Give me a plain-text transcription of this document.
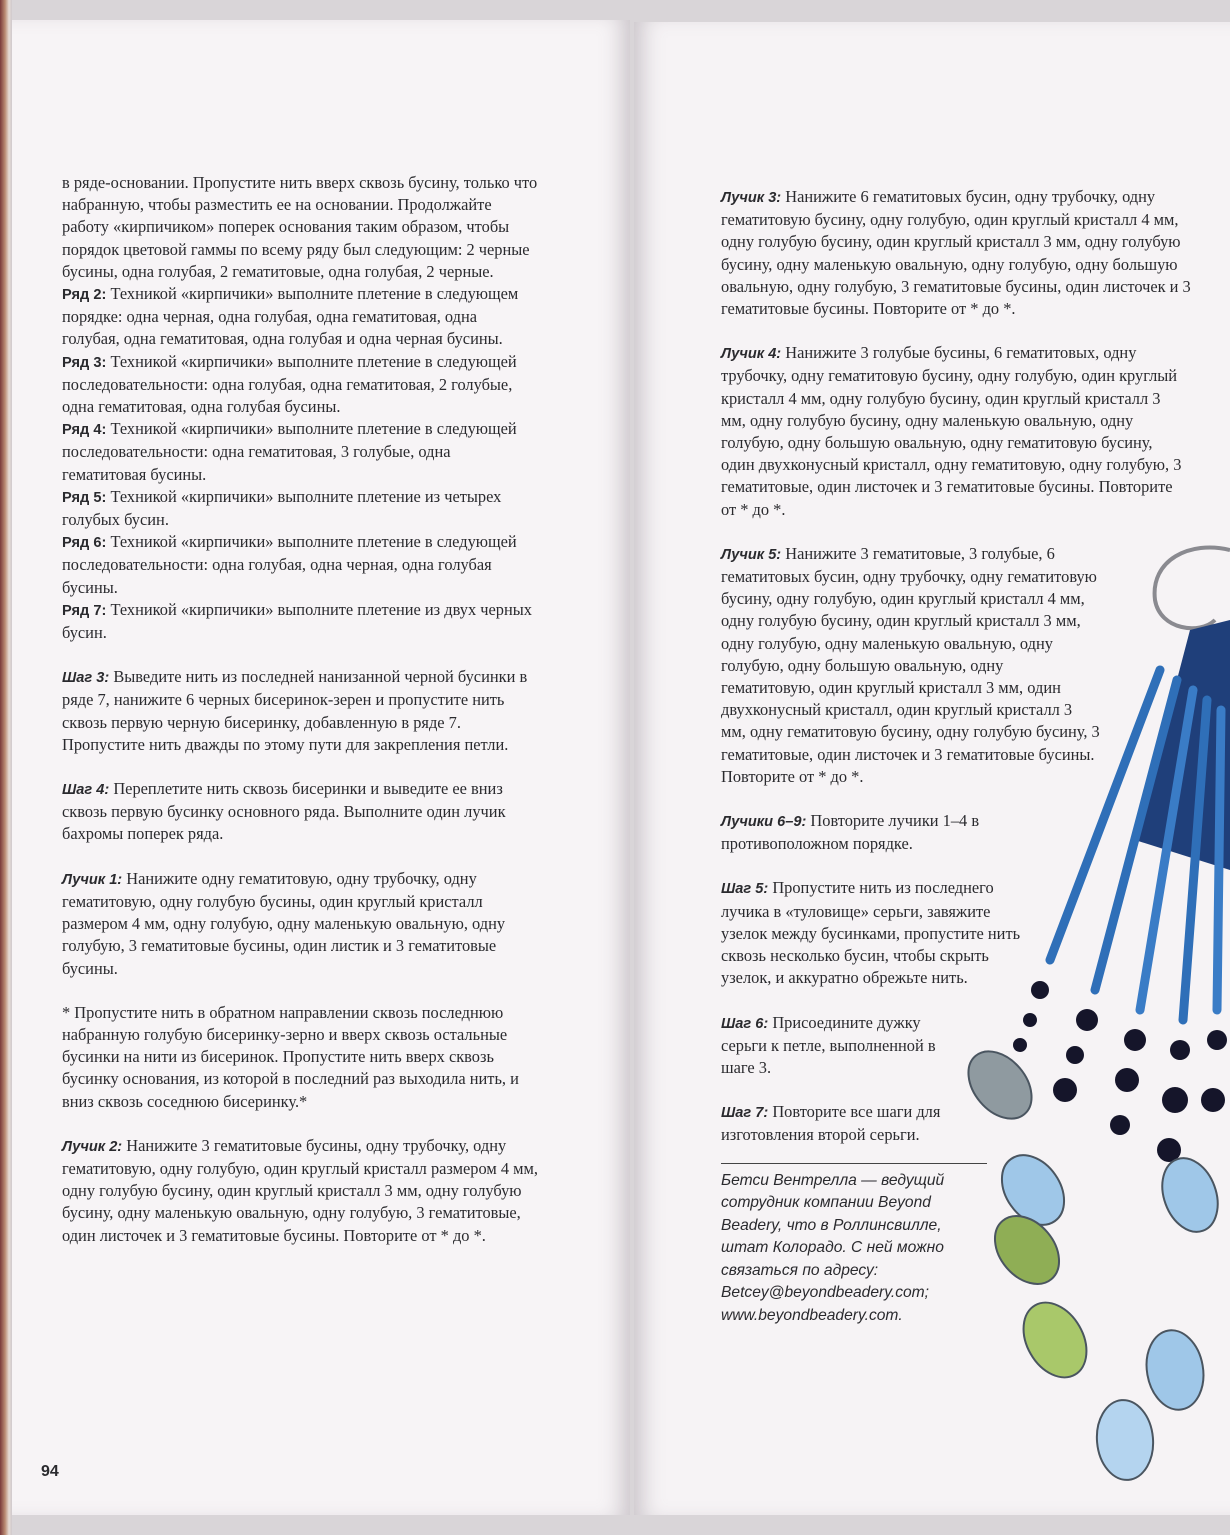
в ряде-основании. Пропустите нить вверх сквозь бусину, только что набранную, чтобы разместить ее на основании. Продолжайте работу «кирпичиком» поперек основания таким образом, чтобы порядок цветовой гаммы по всему ряду был следующим: 2 черные бусины, одна голубая, 2 гематитовые, одна голубая, 2 черные.

Ряд 2: Техникой «кирпичики» выполните плетение в следующем порядке: одна черная, одна голубая, одна гематитовая, одна голубая, одна гематитовая, одна голубая и одна черная бусины.

Ряд 3: Техникой «кирпичики» выполните плетение в следующей последовательности: одна голубая, одна гематитовая, 2 голубые, одна гематитовая, одна голубая бусины.

Ряд 4: Техникой «кирпичики» выполните плетение в следующей последовательности: одна гематитовая, 3 голубые, одна гематитовая бусины.

Ряд 5: Техникой «кирпичики» выполните плетение из четырех голубых бусин.

Ряд 6: Техникой «кирпичики» выполните плетение в следующей последовательности: одна голубая, одна черная, одна голубая бусины.

Ряд 7: Техникой «кирпичики» выполните плетение из двух черных бусин.

Шаг 3: Выведите нить из последней нанизанной черной бусинки в ряде 7, нанижите 6 черных бисеринок-зерен и пропустите нить сквозь первую черную бисеринку, добавленную в ряде 7. Пропустите нить дважды по этому пути для закрепления петли.

Шаг 4: Переплетите нить сквозь бисеринки и выведите ее вниз сквозь первую бусинку основного ряда. Выполните один лучик бахромы поперек ряда.

Лучик 1: Нанижите одну гематитовую, одну трубочку, одну гематитовую, одну голубую бусины, один круглый кристалл размером 4 мм, одну голубую, одну маленькую овальную, одну голубую, 3 гематитовые бусины, один листик и 3 гематитовые бусины.

* Пропустите нить в обратном направлении сквозь последнюю набранную голубую бисеринку-зерно и вверх сквозь остальные бусинки на нити из бисеринок. Пропустите нить вверх сквозь бусинку основания, из которой в последний раз выходила нить, и вниз сквозь соседнюю бисеринку.*

Лучик 2: Нанижите 3 гематитовые бусины, одну трубочку, одну гематитовую, одну голубую, один круглый кристалл размером 4 мм, одну голубую бусину, один круглый кристалл 3 мм, одну голубую бусину, одну маленькую овальную, одну голубую, 3 гематитовые, один листочек и 3 гематитовые бусины. Повторите от * до *.

94

Лучик 3: Нанижите 6 гематитовых бусин, одну трубочку, одну гематитовую бусину, одну голубую, один круглый кристалл 4 мм, одну голубую бусину, один круглый кристалл 3 мм, одну голубую бусину, одну маленькую овальную, одну голубую, одну большую овальную, одну голубую, 3 гематитовые бусины, один листочек и 3 гематитовые бусины. Повторите от * до *.

Лучик 4: Нанижите 3 голубые бусины, 6 гематитовых, одну трубочку, одну гематитовую бусину, одну голубую, один круглый кристалл 4 мм, одну голубую бусину, один круглый кристалл 3 мм, одну голубую бусину, одну маленькую овальную, одну голубую, одну большую овальную, одну гематитовую бусину, один двухконусный кристалл, одну гематитовую, одну голубую, 3 гематитовые, один листочек и 3 гематитовые бусины. Повторите от * до *.

Лучик 5: Нанижите 3 гематитовые, 3 голубые, 6 гематитовых бусин, одну трубочку, одну гематитовую бусину, одну голубую, один круглый кристалл 4 мм, одну голубую бусину, один круглый кристалл 3 мм, одну голубую, одну маленькую овальную, одну голубую, одну большую овальную, одну гематитовую, один круглый кристалл 3 мм, один двухконусный кристалл, один круглый кристалл 3 мм, одну гематитовую бусину, одну голубую бусину, 3 гематитовые, один листочек и 3 гематитовые бусины. Повторите от * до *.

Лучики 6–9: Повторите лучики 1–4 в противоположном порядке.

Шаг 5: Пропустите нить из последнего лучика в «туловище» серьги, завяжите узелок между бусинками, пропустите нить сквозь несколько бусин, чтобы скрыть узелок, и аккуратно обрежьте нить.

Шаг 6: Присоедините дужку серьги к петле, выполненной в шаге 3.

Шаг 7: Повторите все шаги для изготовления второй серьги.

Бетси Вентрелла — ведущий
сотрудник компании Beyond
Beadery, что в Роллинсвилле,
штат Колорадо. С ней можно
связаться по адресу:
Betcey@beyondbeadery.com;
www.beyondbeadery.com.
